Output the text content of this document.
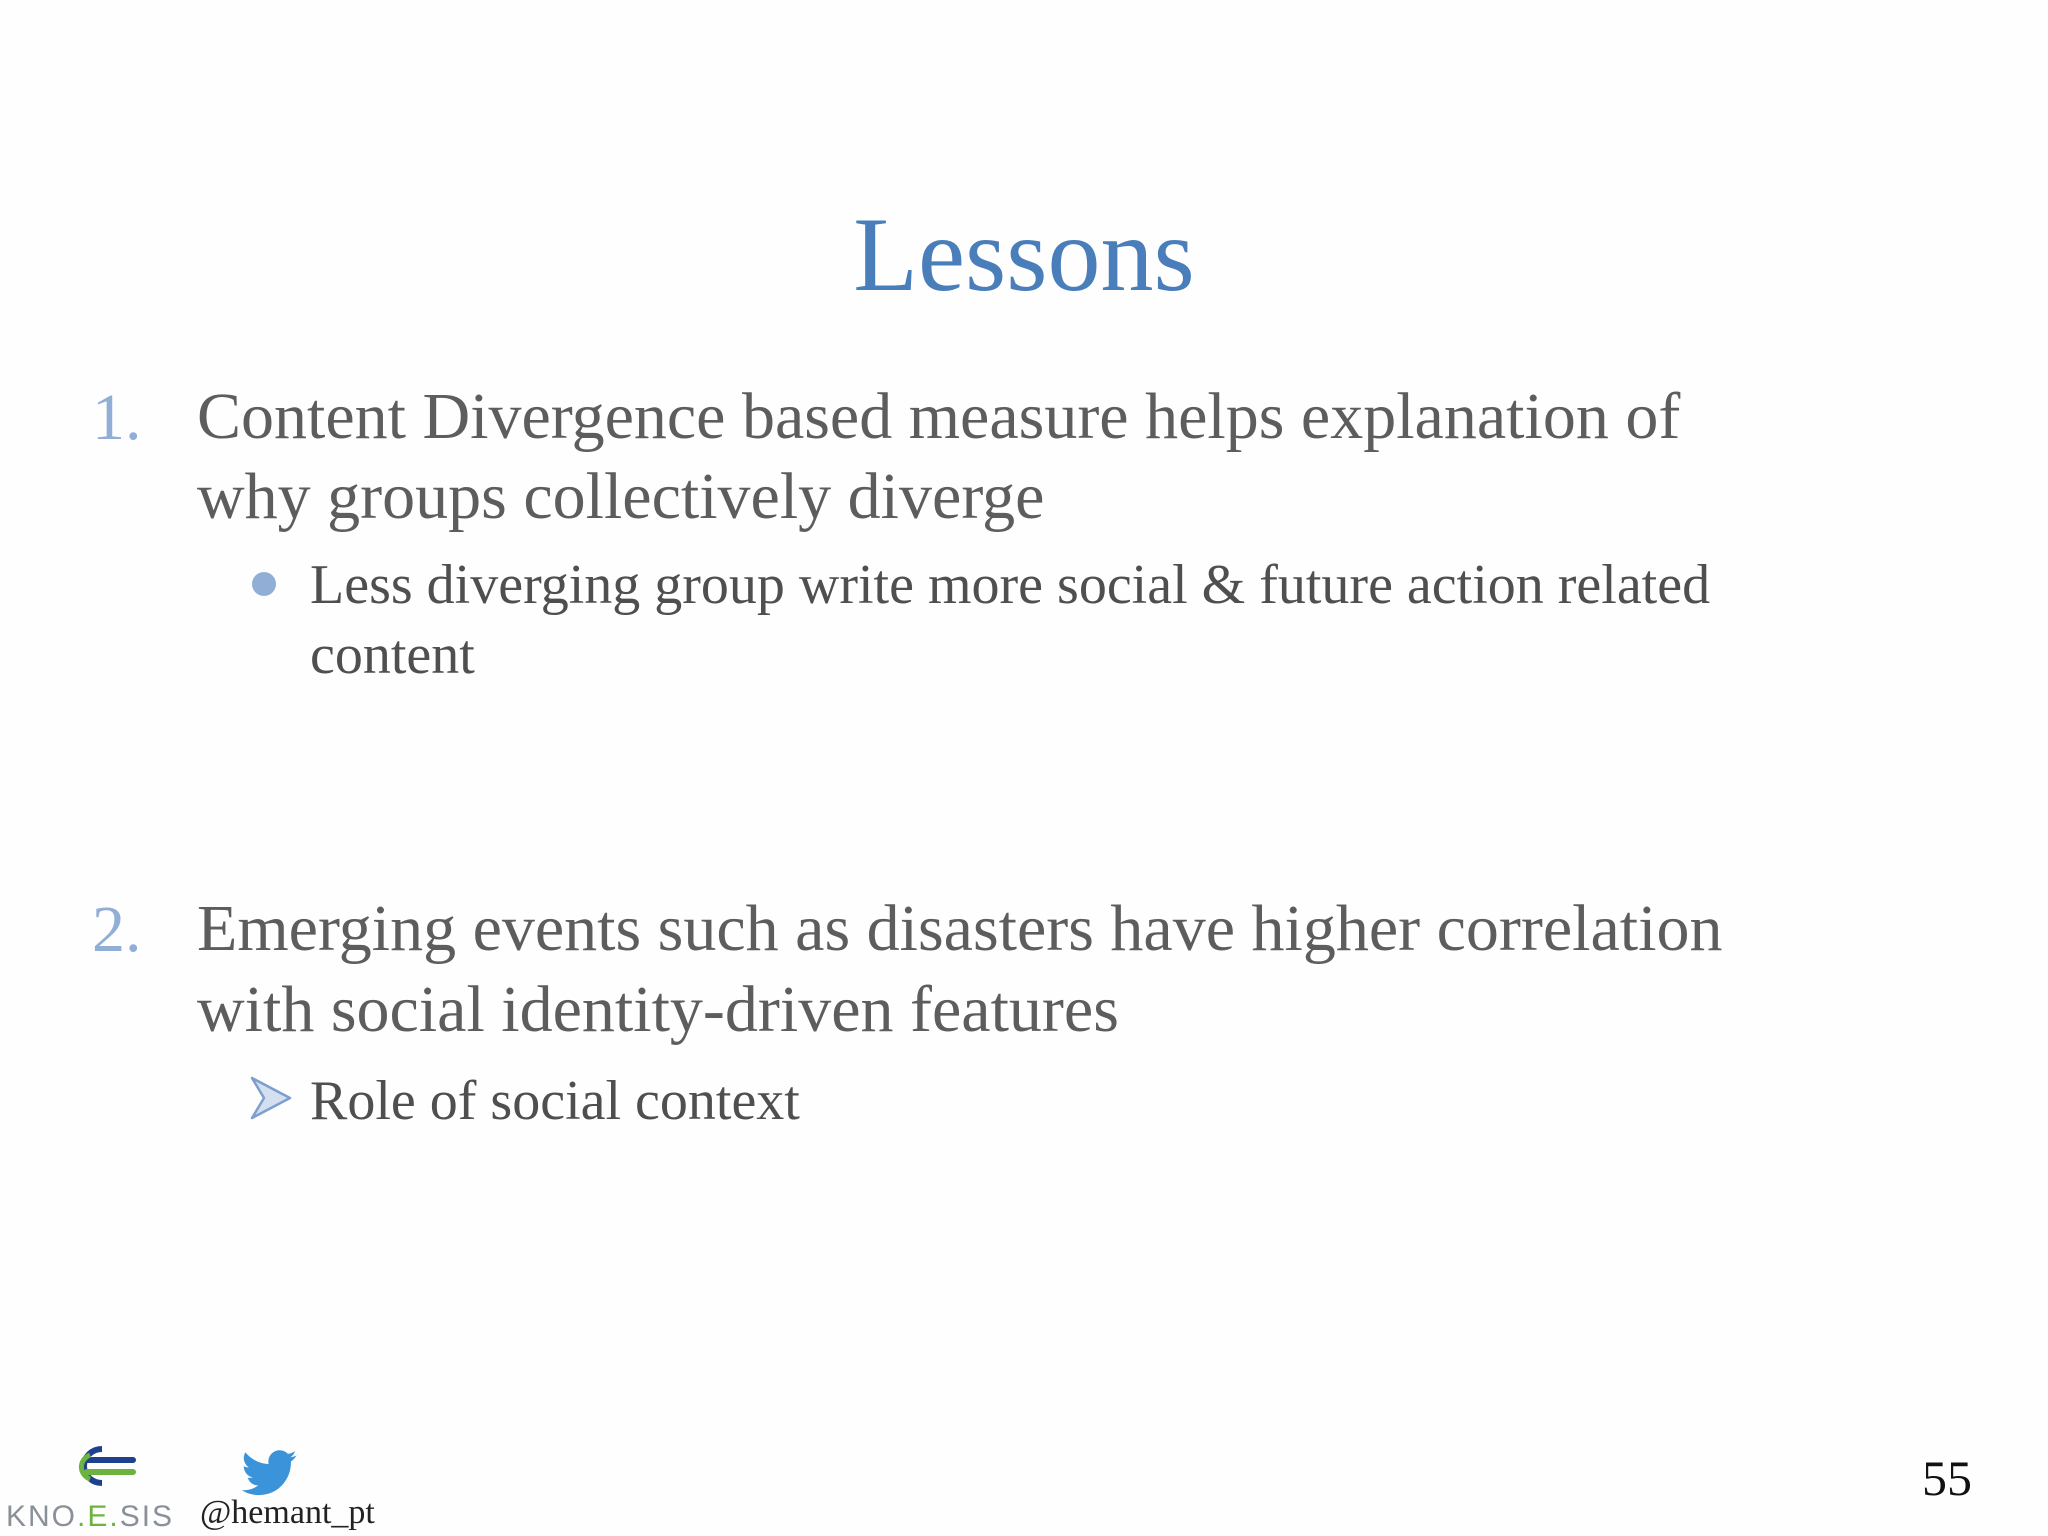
Lessons
1. Content Divergence based measure helps explanation of
why groups collectively diverge
Less diverging group write more social & future action related
content
2. Emerging events such as disasters have higher correlation
with social identity-driven features
Role of social context
KNO.E.SIS @hemant_pt
55
